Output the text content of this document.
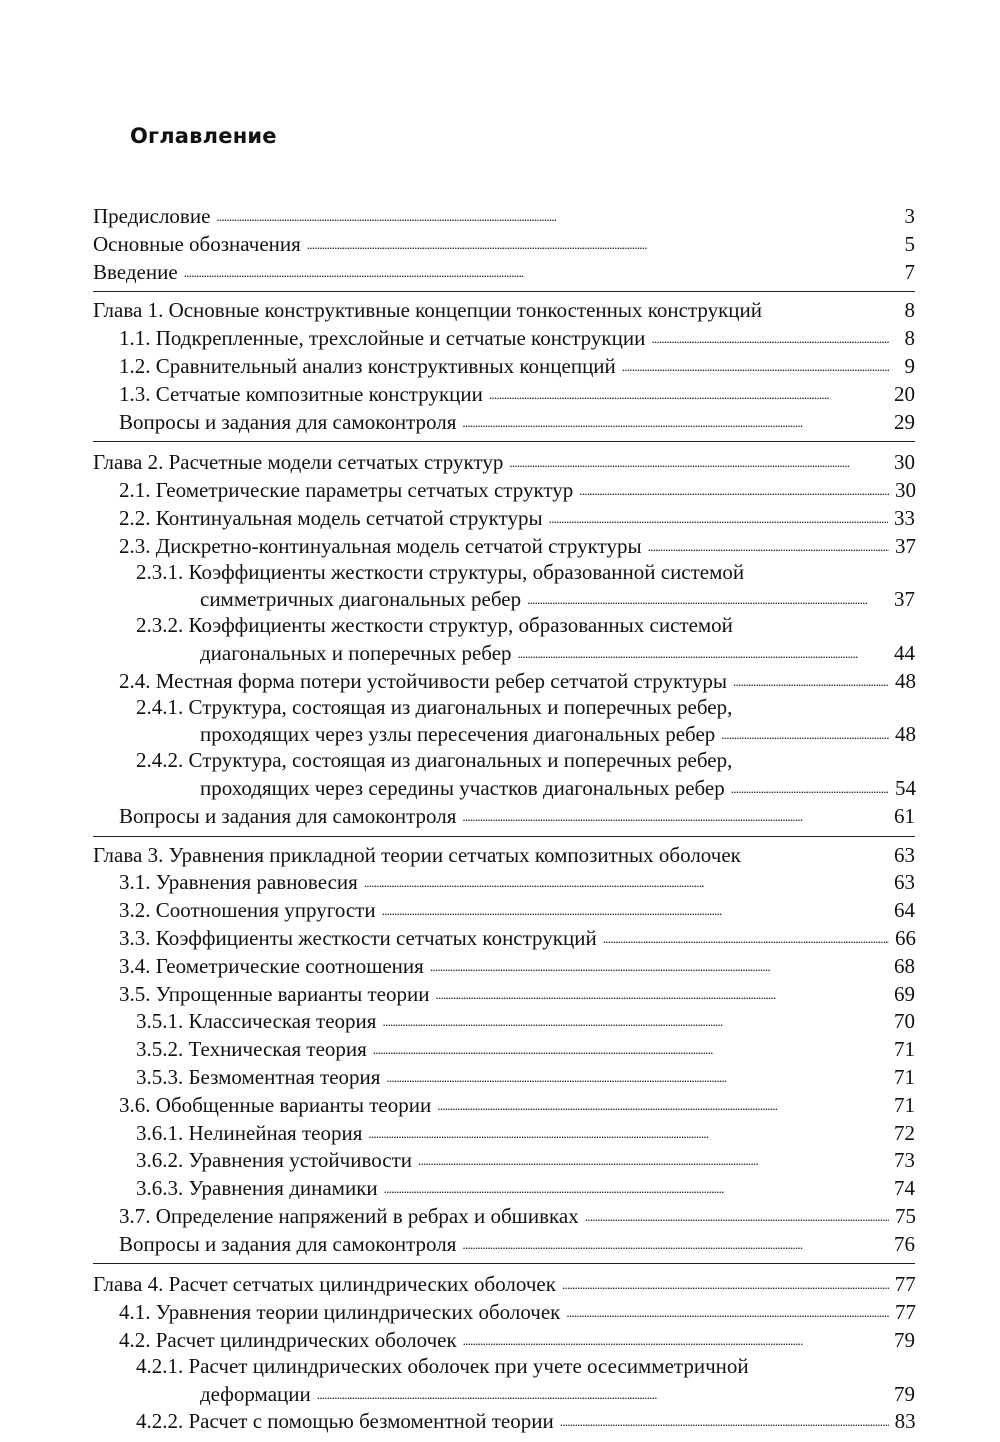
Оглавление
Предисловие . . .	3
Основные обозначения . . .	5
Введение . . .	7
Глава 1. Основные конструктивные концепции тонкостенных конструкций	8
1.1. Подкрепленные, трехслойные и сетчатые конструкции . . .	8
1.2. Сравнительный анализ конструктивных концепций . . .	9
1.3. Сетчатые композитные конструкции . . .	20
Вопросы и задания для самоконтроля . . .	29
Глава 2. Расчетные модели сетчатых структур . . .	30
2.1. Геометрические параметры сетчатых структур . . .	30
2.2. Континуальная модель сетчатой структуры . . .	33
2.3. Дискретно-континуальная модель сетчатой структуры . . .	37
2.3.1. Коэффициенты жесткости структуры, образованной системой
симметричных диагональных ребер . . .	37
2.3.2. Коэффициенты жесткости структур, образованных системой
диагональных и поперечных ребер . . .	44
2.4. Местная форма потери устойчивости ребер сетчатой структуры . . .	48
2.4.1. Структура, состоящая из диагональных и поперечных ребер,
проходящих через узлы пересечения диагональных ребер . . .	48
2.4.2. Структура, состоящая из диагональных и поперечных ребер,
проходящих через середины участков диагональных ребер . . .	54
Вопросы и задания для самоконтроля . . .	61
Глава 3. Уравнения прикладной теории сетчатых композитных оболочек	63
3.1. Уравнения равновесия . . .	63
3.2. Соотношения упругости . . .	64
3.3. Коэффициенты жесткости сетчатых конструкций . . .	66
3.4. Геометрические соотношения . . .	68
3.5. Упрощенные варианты теории . . .	69
3.5.1. Классическая теория . . .	70
3.5.2. Техническая теория . . .	71
3.5.3. Безмоментная теория . . .	71
3.6. Обобщенные варианты теории . . .	71
3.6.1. Нелинейная теория . . .	72
3.6.2. Уравнения устойчивости . . .	73
3.6.3. Уравнения динамики . . .	74
3.7. Определение напряжений в ребрах и обшивках . . .	75
Вопросы и задания для самоконтроля . . .	76
Глава 4. Расчет сетчатых цилиндрических оболочек . . .	77
4.1. Уравнения теории цилиндрических оболочек . . .	77
4.2. Расчет цилиндрических оболочек . . .	79
4.2.1. Расчет цилиндрических оболочек при учете осесимметричной
деформации . . .	79
4.2.2. Расчет с помощью безмоментной теории . . .	83
